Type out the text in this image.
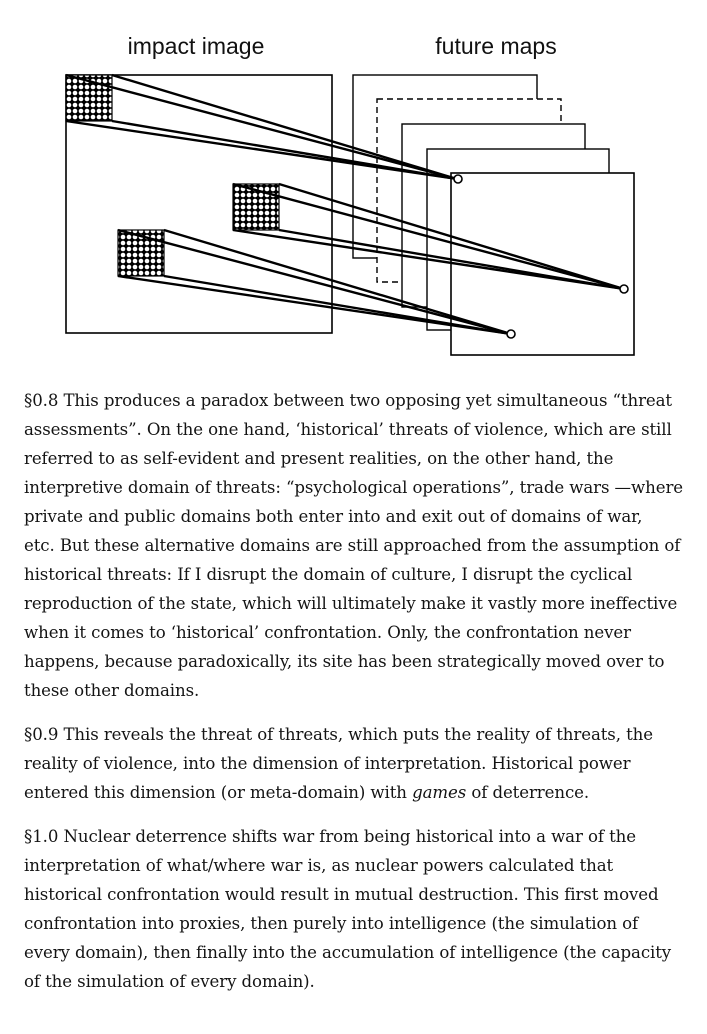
impact image	future maps

§0.8 This produces a paradox between two opposing yet simultaneous “threat
assessments”. On the one hand, ‘historical’ threats of violence, which are still
referred to as self-evident and present realities, on the other hand, the
interpretive domain of threats: “psychological operations”, trade wars —where
private and public domains both enter into and exit out of domains of war,
etc. But these alternative domains are still approached from the assumption of
historical threats: If I disrupt the domain of culture, I disrupt the cyclical
reproduction of the state, which will ultimately make it vastly more ineffective
when it comes to ‘historical’ confrontation. Only, the confrontation never
happens, because paradoxically, its site has been strategically moved over to
these other domains.

§0.9 This reveals the threat of threats, which puts the reality of threats, the
reality of violence, into the dimension of interpretation. Historical power
entered this dimension (or meta-domain) with games of deterrence.

§1.0 Nuclear deterrence shifts war from being historical into a war of the
interpretation of what/where war is, as nuclear powers calculated that
historical confrontation would result in mutual destruction. This first moved
confrontation into proxies, then purely into intelligence (the simulation of
every domain), then finally into the accumulation of intelligence (the capacity
of the simulation of every domain).
